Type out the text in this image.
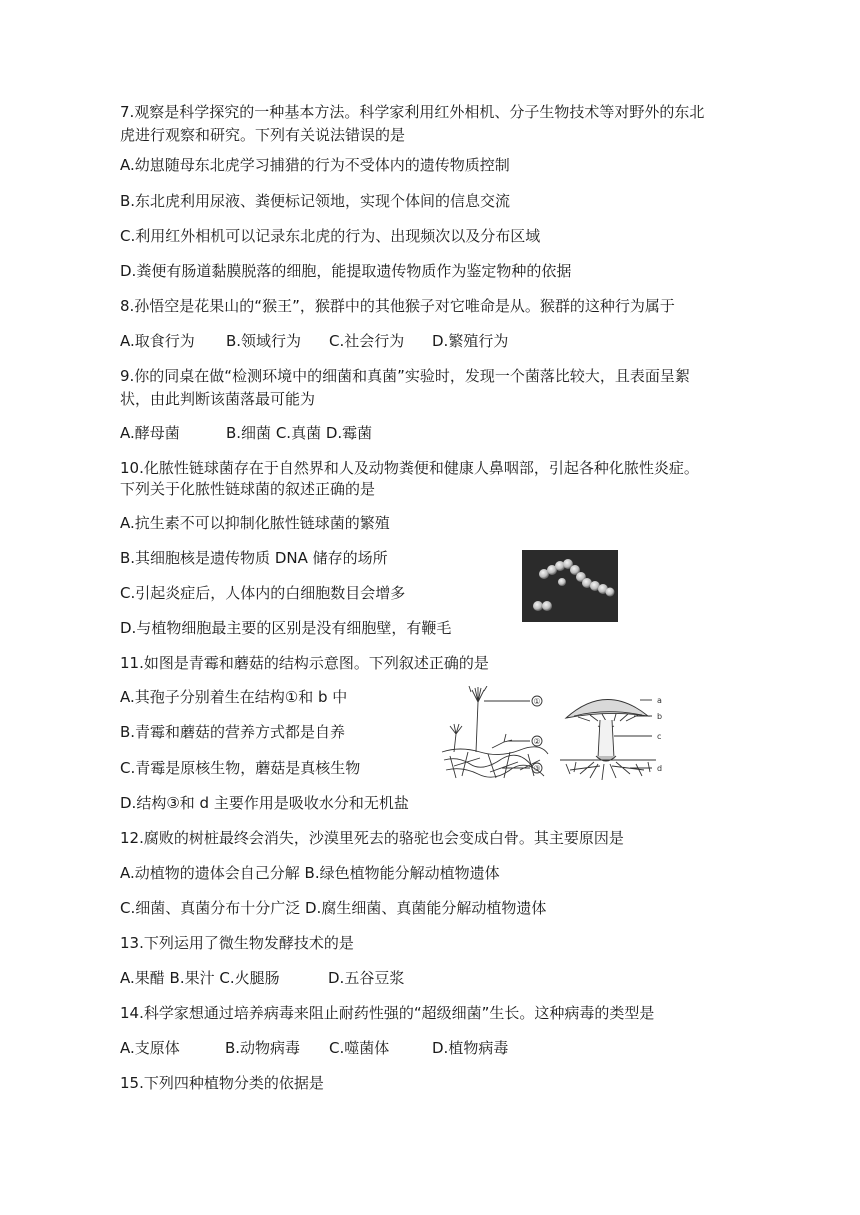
7.观察是科学探究的一种基本方法。科学家利用红外相机、分子生物技术等对野外的东北
虎进行观察和研究。下列有关说法错误的是
A.幼崽随母东北虎学习捕猎的行为不受体内的遗传物质控制
B.东北虎利用尿液、粪便标记领地，实现个体间的信息交流
C.利用红外相机可以记录东北虎的行为、出现频次以及分布区域
D.粪便有肠道黏膜脱落的细胞，能提取遗传物质作为鉴定物种的依据
8.孙悟空是花果山的“猴王”，猴群中的其他猴子对它唯命是从。猴群的这种行为属于
A.取食行为 B.领域行为 C.社会行为 D.繁殖行为
9.你的同桌在做“检测环境中的细菌和真菌”实验时，发现一个菌落比较大，且表面呈絮
状，由此判断该菌落最可能为
A.酵母菌	B.细菌 C.真菌 D.霉菌
10.化脓性链球菌存在于自然界和人及动物粪便和健康人鼻咽部，引起各种化脓性炎症。
下列关于化脓性链球菌的叙述正确的是
A.抗生素不可以抑制化脓性链球菌的繁殖
B.其细胞核是遗传物质 DNA 储存的场所
C.引起炎症后，人体内的白细胞数目会增多
D.与植物细胞最主要的区别是没有细胞壁，有鞭毛
11.如图是青霉和蘑菇的结构示意图。下列叙述正确的是
A.其孢子分别着生在结构①和 b 中
B.青霉和蘑菇的营养方式都是自养
C.青霉是原核生物，蘑菇是真核生物
D.结构③和 d 主要作用是吸收水分和无机盐
①
②
③
a
b
c
d
12.腐败的树桩最终会消失，沙漠里死去的骆驼也会变成白骨。其主要原因是
A.动植物的遗体会自己分解 B.绿色植物能分解动植物遗体
C.细菌、真菌分布十分广泛 D.腐生细菌、真菌能分解动植物遗体
13.下列运用了微生物发酵技术的是
A.果醋 B.果汁 C.火腿肠	D.五谷豆浆
14.科学家想通过培养病毒来阻止耐药性强的“超级细菌”生长。这种病毒的类型是
A.支原体	B.动物病毒 C.噬菌体	D.植物病毒
15.下列四种植物分类的依据是
